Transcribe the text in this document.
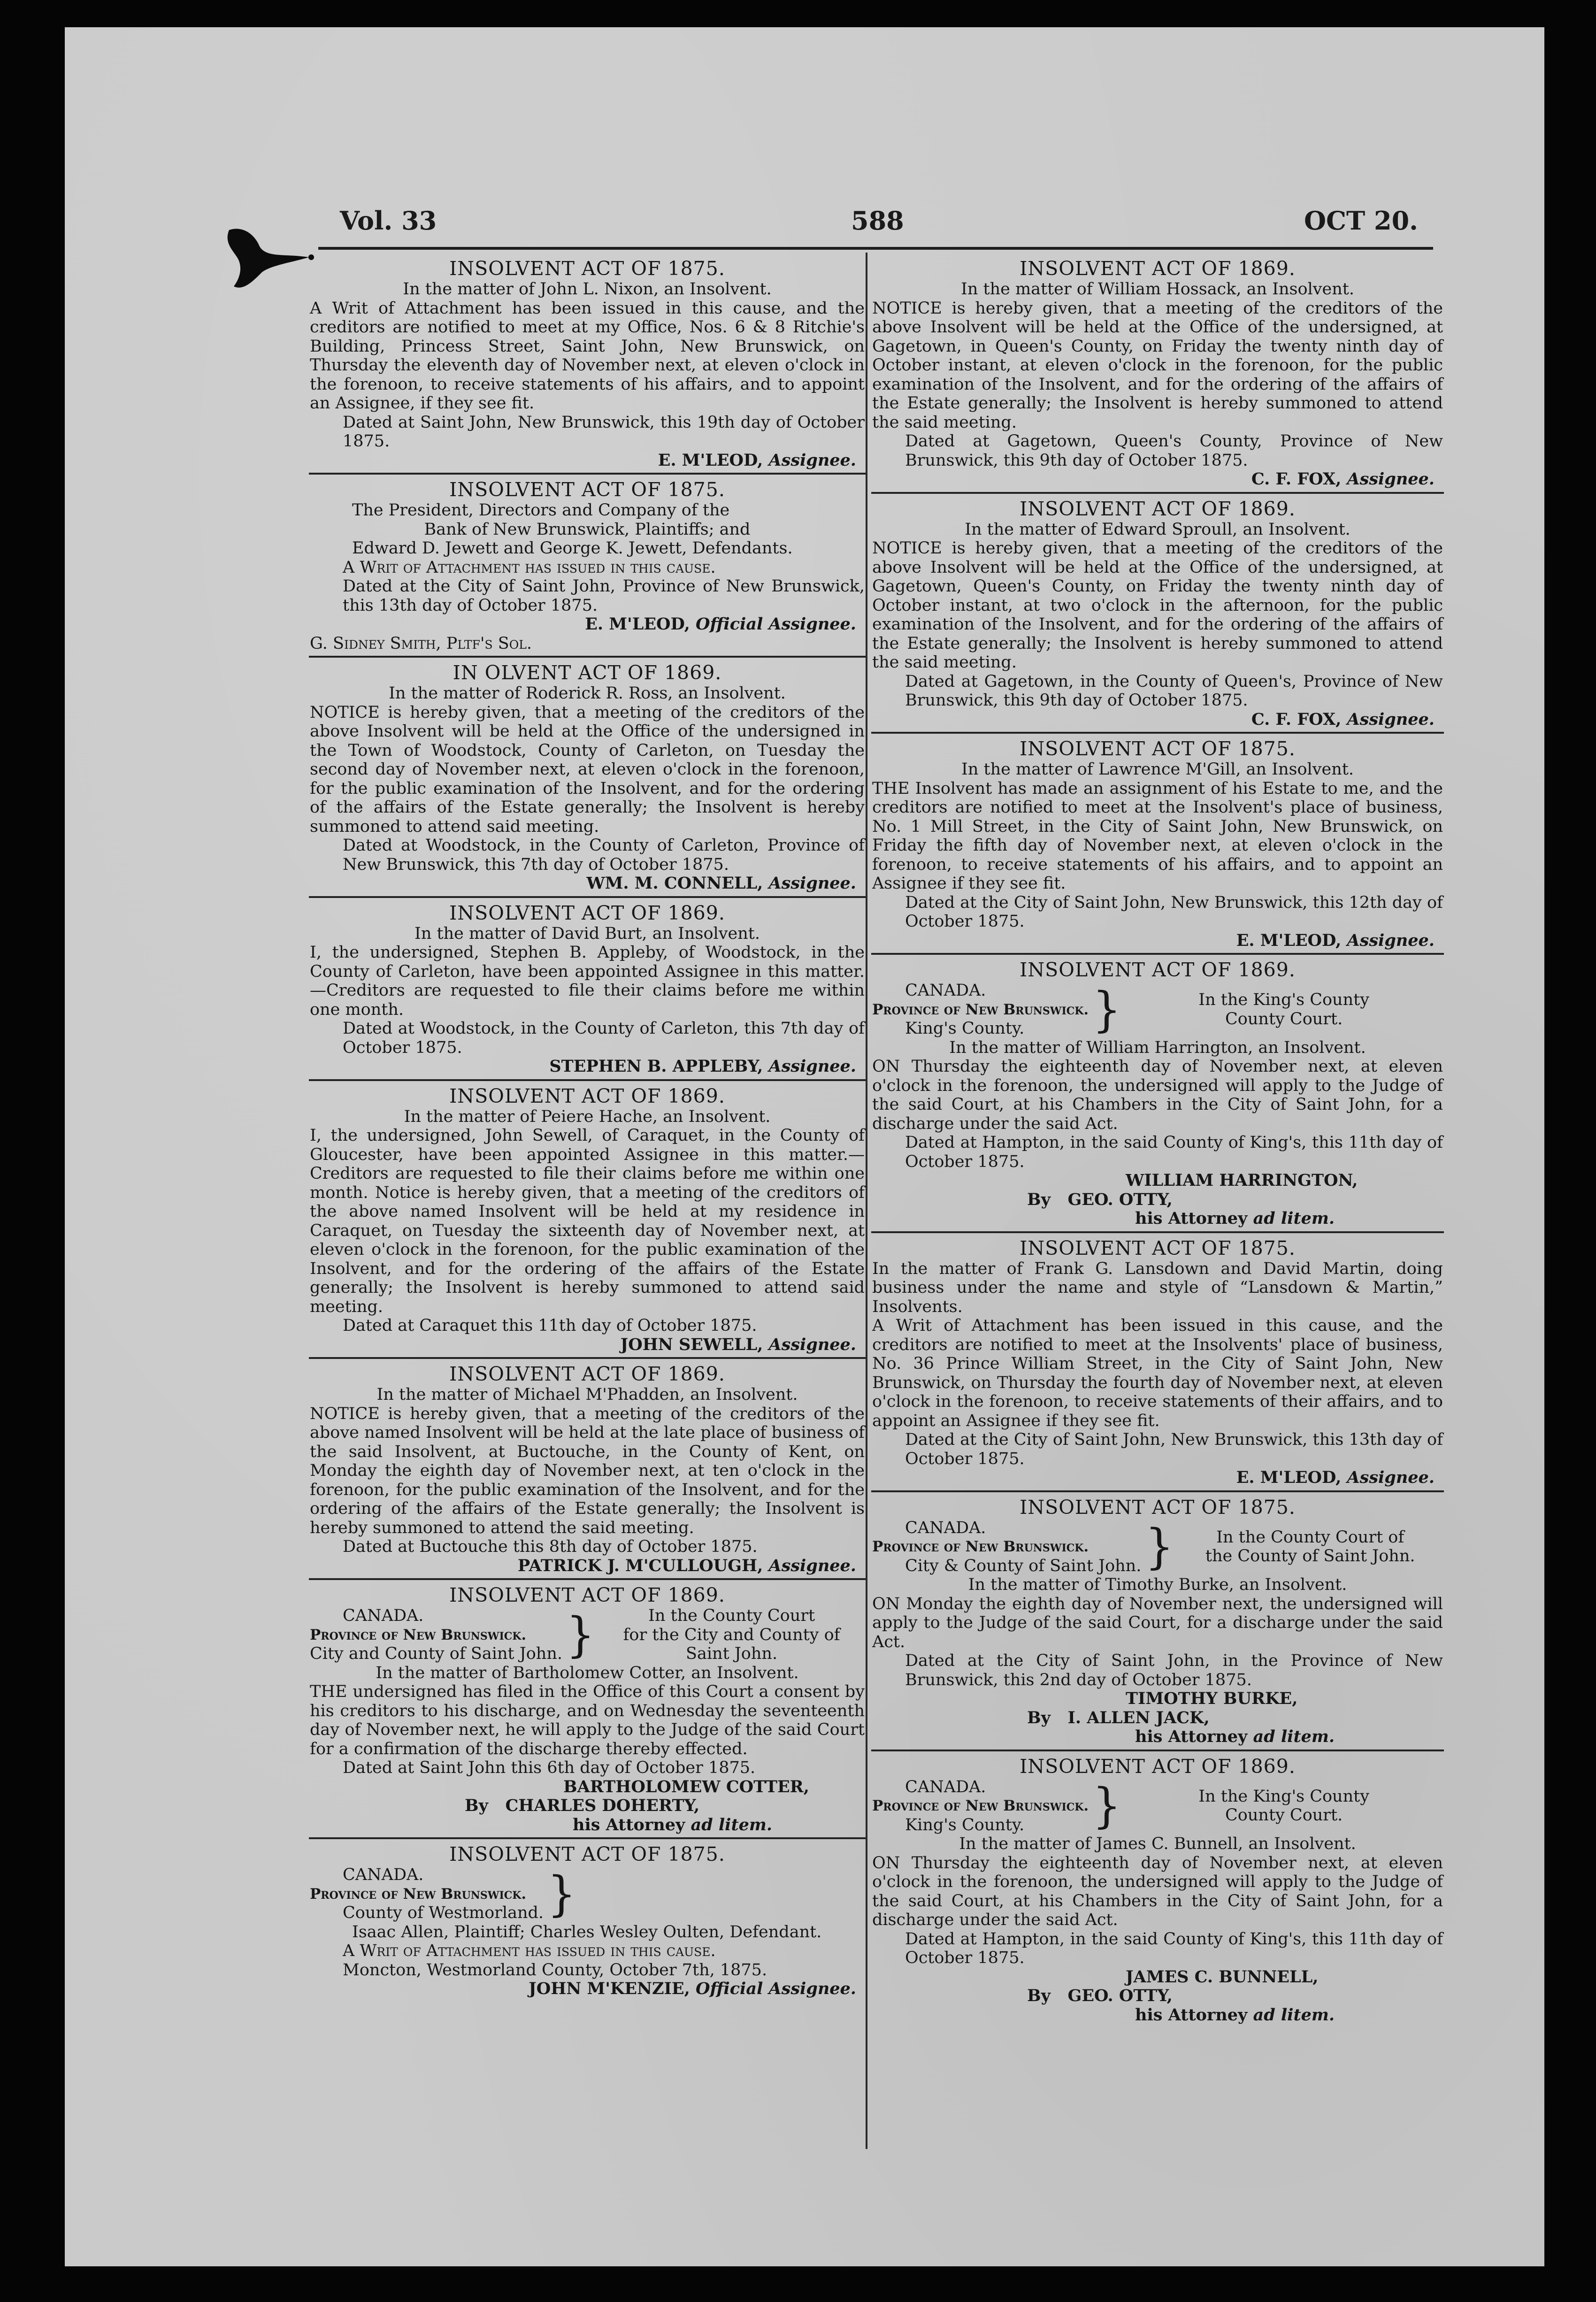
Vol. 33	588	OCT 20.
INSOLVENT ACT OF 1875.
In the matter of John L. Nixon, an Insolvent.
A Writ of Attachment has been issued in this cause, and the creditors are notified to meet at my Office, Nos. 6 & 8 Ritchie's Building, Princess Street, Saint John, New Brunswick, on Thursday the eleventh day of November next, at eleven o'clock in the forenoon, to receive statements of his affairs, and to appoint an Assignee, if they see fit.
Dated at Saint John, New Brunswick, this 19th day of October 1875.
E. M'LEOD, Assignee.
INSOLVENT ACT OF 1875.
The President, Directors and Company of the
Bank of New Brunswick, Plaintiffs; and
Edward D. Jewett and George K. Jewett, Defendants.
A Writ of Attachment has issued in this cause.
Dated at the City of Saint John, Province of New Brunswick, this 13th day of October 1875.
E. M'LEOD, Official Assignee.
G. Sidney Smith, Pltf's Sol.
IN OLVENT ACT OF 1869.
In the matter of Roderick R. Ross, an Insolvent.
NOTICE is hereby given, that a meeting of the creditors of the above Insolvent will be held at the Office of the undersigned in the Town of Woodstock, County of Carleton, on Tuesday the second day of November next, at eleven o'clock in the forenoon, for the public examination of the Insolvent, and for the ordering of the affairs of the Estate generally; the Insolvent is hereby summoned to attend said meeting.
Dated at Woodstock, in the County of Carleton, Province of New Brunswick, this 7th day of October 1875.
WM. M. CONNELL, Assignee.
INSOLVENT ACT OF 1869.
In the matter of David Burt, an Insolvent.
I, the undersigned, Stephen B. Appleby, of Woodstock, in the County of Carleton, have been appointed Assignee in this matter.—Creditors are requested to file their claims before me within one month.
Dated at Woodstock, in the County of Carleton, this 7th day of October 1875.
STEPHEN B. APPLEBY, Assignee.
INSOLVENT ACT OF 1869.
In the matter of Peiere Hache, an Insolvent.
I, the undersigned, John Sewell, of Caraquet, in the County of Gloucester, have been appointed Assignee in this matter.—Creditors are requested to file their claims before me within one month. Notice is hereby given, that a meeting of the creditors of the above named Insolvent will be held at my residence in Caraquet, on Tuesday the sixteenth day of November next, at eleven o'clock in the forenoon, for the public examination of the Insolvent, and for the ordering of the affairs of the Estate generally; the Insolvent is hereby summoned to attend said meeting.
Dated at Caraquet this 11th day of October 1875.
JOHN SEWELL, Assignee.
INSOLVENT ACT OF 1869.
In the matter of Michael M'Phadden, an Insolvent.
NOTICE is hereby given, that a meeting of the creditors of the above named Insolvent will be held at the late place of business of the said Insolvent, at Buctouche, in the County of Kent, on Monday the eighth day of November next, at ten o'clock in the forenoon, for the public examination of the Insolvent, and for the ordering of the affairs of the Estate generally; the Insolvent is hereby summoned to attend the said meeting.
Dated at Buctouche this 8th day of October 1875.
PATRICK J. M'CULLOUGH, Assignee.
INSOLVENT ACT OF 1869.
CANADA.
Province of New Brunswick.
City and County of Saint John. }	In the County Court
for the City and County of
Saint John.
In the matter of Bartholomew Cotter, an Insolvent.
THE undersigned has filed in the Office of this Court a consent by his creditors to his discharge, and on Wednesday the seventeenth day of November next, he will apply to the Judge of the said Court for a confirmation of the discharge thereby effected.
Dated at Saint John this 6th day of October 1875.
BARTHOLOMEW COTTER,
By CHARLES DOHERTY,
his Attorney ad litem.
INSOLVENT ACT OF 1875.
CANADA.
Province of New Brunswick.
County of Westmorland. }
Isaac Allen, Plaintiff; Charles Wesley Oulten, Defendant.
A Writ of Attachment has issued in this cause.
Moncton, Westmorland County, October 7th, 1875.
JOHN M'KENZIE, Official Assignee.
INSOLVENT ACT OF 1869.
In the matter of William Hossack, an Insolvent.
NOTICE is hereby given, that a meeting of the creditors of the above Insolvent will be held at the Office of the undersigned, at Gagetown, in Queen's County, on Friday the twenty ninth day of October instant, at eleven o'clock in the forenoon, for the public examination of the Insolvent, and for the ordering of the affairs of the Estate generally; the Insolvent is hereby summoned to attend the said meeting.
Dated at Gagetown, Queen's County, Province of New Brunswick, this 9th day of October 1875.
C. F. FOX, Assignee.
INSOLVENT ACT OF 1869.
In the matter of Edward Sproull, an Insolvent.
NOTICE is hereby given, that a meeting of the creditors of the above Insolvent will be held at the Office of the undersigned, at Gagetown, Queen's County, on Friday the twenty ninth day of October instant, at two o'clock in the afternoon, for the public examination of the Insolvent, and for the ordering of the affairs of the Estate generally; the Insolvent is hereby summoned to attend the said meeting.
Dated at Gagetown, in the County of Queen's, Province of New Brunswick, this 9th day of October 1875.
C. F. FOX, Assignee.
INSOLVENT ACT OF 1875.
In the matter of Lawrence M'Gill, an Insolvent.
THE Insolvent has made an assignment of his Estate to me, and the creditors are notified to meet at the Insolvent's place of business, No. 1 Mill Street, in the City of Saint John, New Brunswick, on Friday the fifth day of November next, at eleven o'clock in the forenoon, to receive statements of his affairs, and to appoint an Assignee if they see fit.
Dated at the City of Saint John, New Brunswick, this 12th day of October 1875.
E. M'LEOD, Assignee.
INSOLVENT ACT OF 1869.
CANADA.
Province of New Brunswick.
King's County.	}	In the King's County
County Court.
In the matter of William Harrington, an Insolvent.
ON Thursday the eighteenth day of November next, at eleven o'clock in the forenoon, the undersigned will apply to the Judge of the said Court, at his Chambers in the City of Saint John, for a discharge under the said Act.
Dated at Hampton, in the said County of King's, this 11th day of October 1875.
WILLIAM HARRINGTON,
By GEO. OTTY,
his Attorney ad litem.
INSOLVENT ACT OF 1875.
In the matter of Frank G. Lansdown and David Martin, doing business under the name and style of “Lansdown & Martin,” Insolvents.
A Writ of Attachment has been issued in this cause, and the creditors are notified to meet at the Insolvents' place of business, No. 36 Prince William Street, in the City of Saint John, New Brunswick, on Thursday the fourth day of November next, at eleven o'clock in the forenoon, to receive statements of their affairs, and to appoint an Assignee if they see fit.
Dated at the City of Saint John, New Brunswick, this 13th day of October 1875.
E. M'LEOD, Assignee.
INSOLVENT ACT OF 1875.
CANADA.
Province of New Brunswick.
City & County of Saint John. }	In the County Court of
the County of Saint John.
In the matter of Timothy Burke, an Insolvent.
ON Monday the eighth day of November next, the undersigned will apply to the Judge of the said Court, for a discharge under the said Act.
Dated at the City of Saint John, in the Province of New Brunswick, this 2nd day of October 1875.
TIMOTHY BURKE,
By I. ALLEN JACK,
his Attorney ad litem.
INSOLVENT ACT OF 1869.
CANADA.
Province of New Brunswick.
King's County.	}	In the King's County
County Court.
In the matter of James C. Bunnell, an Insolvent.
ON Thursday the eighteenth day of November next, at eleven o'clock in the forenoon, the undersigned will apply to the Judge of the said Court, at his Chambers in the City of Saint John, for a discharge under the said Act.
Dated at Hampton, in the said County of King's, this 11th day of October 1875.
JAMES C. BUNNELL,
By GEO. OTTY,
his Attorney ad litem.
